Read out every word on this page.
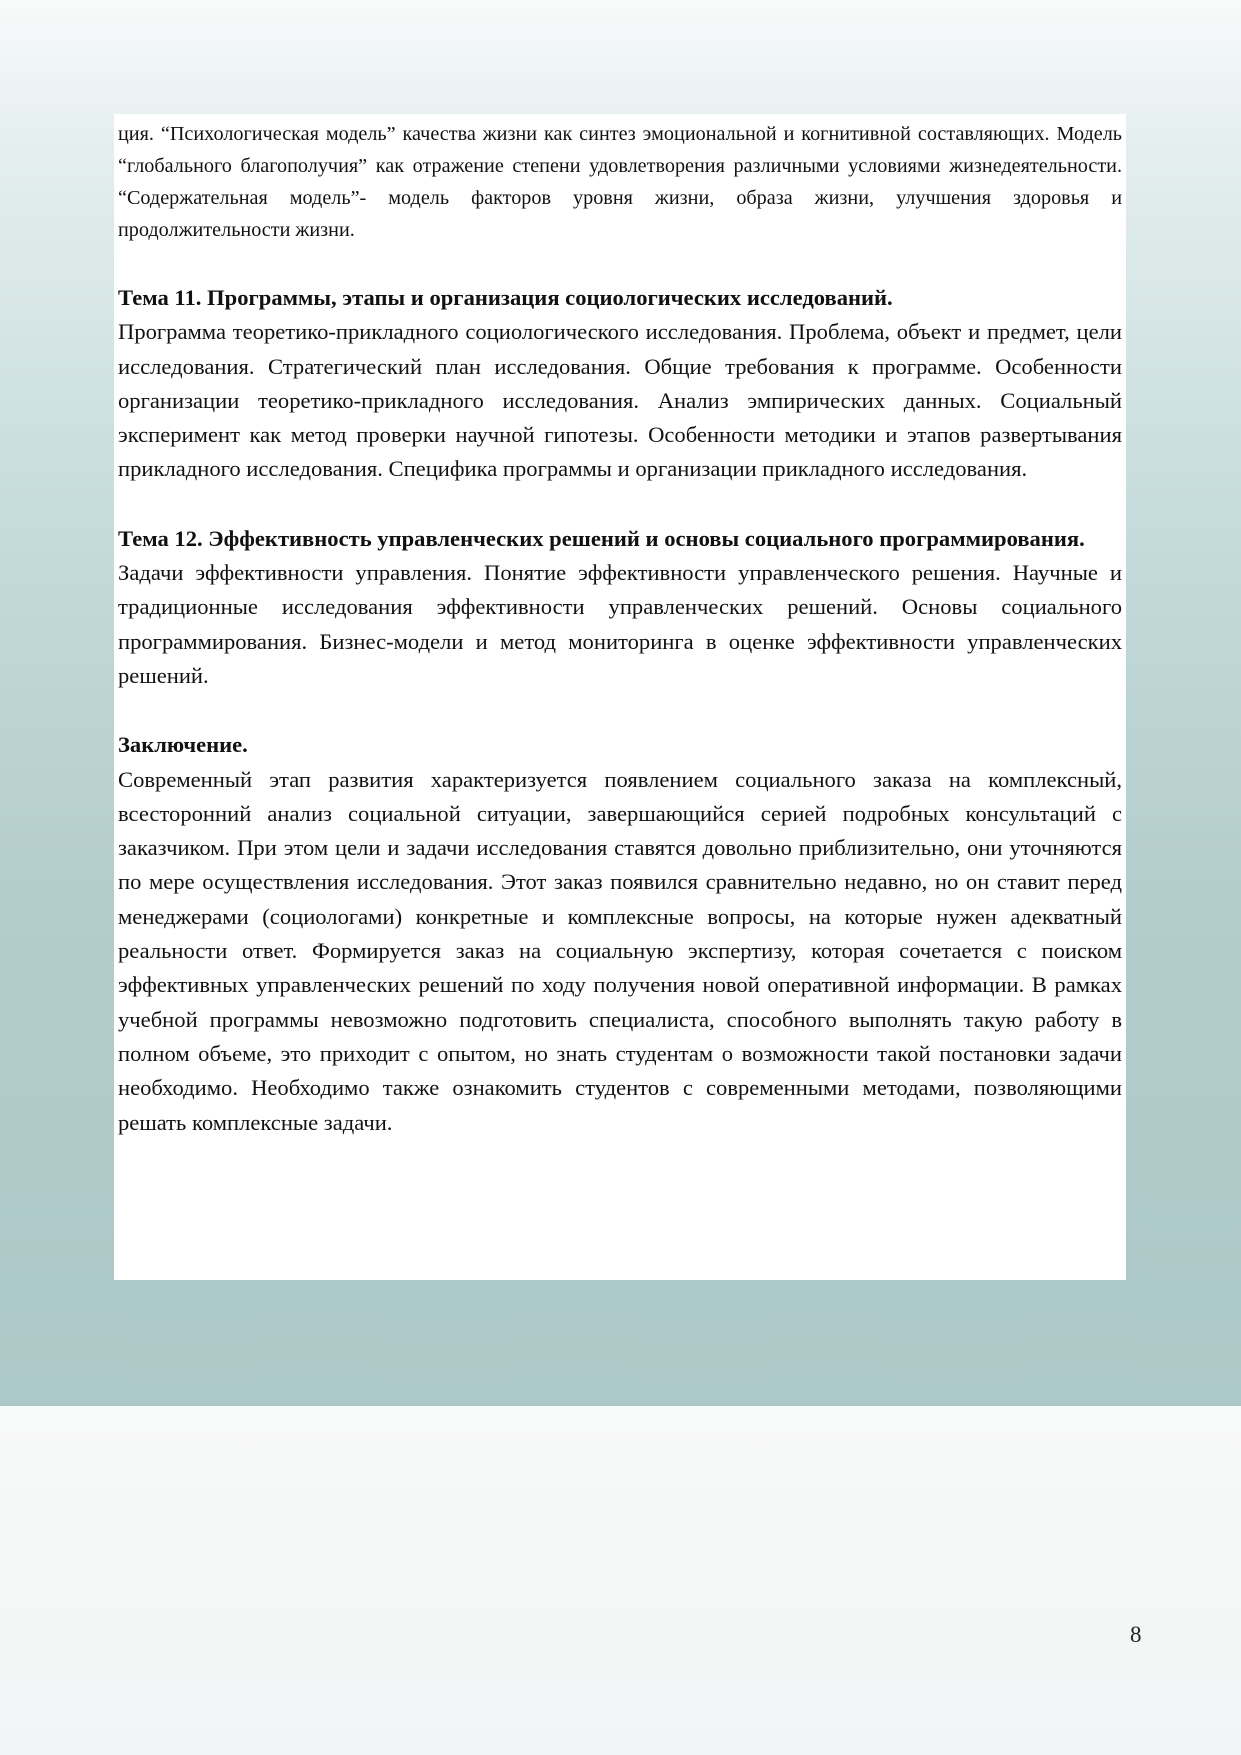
ция. “Психологическая модель” качества жизни как синтез эмоциональной и когнитивной составляющих. Модель “глобального благополучия” как отражение степени удовлетворения различными условиями жизнедеятельности. “Содержательная модель”- модель факторов уровня жизни, образа жизни, улучшения здоровья и продолжительности жизни.

Тема 11. Программы, этапы и организация социологических исследований.

Программа теоретико-прикладного социологического исследования. Проблема, объект и предмет, цели исследования. Стратегический план исследования. Общие требования к программе. Особенности организации теоретико-прикладного исследования. Анализ эмпирических данных. Социальный эксперимент как метод проверки научной гипотезы. Особенности методики и этапов развертывания прикладного исследования. Специфика программы и организации прикладного исследования.

Тема 12. Эффективность управленческих решений и основы социального программирования.

Задачи эффективности управления. Понятие эффективности управленческого решения. Научные и традиционные исследования эффективности управленческих решений. Основы социального программирования. Бизнес-модели и метод мониторинга в оценке эффективности управленческих решений.

Заключение.

Современный этап развития характеризуется появлением социального заказа на комплексный, всесторонний анализ социальной ситуации, завершающийся серией подробных консультаций с заказчиком. При этом цели и задачи исследования ставятся довольно приблизительно, они уточняются по мере осуществления исследования. Этот заказ появился сравнительно недавно, но он ставит перед менеджерами (социологами) конкретные и комплексные вопросы, на которые нужен адекватный реальности ответ. Формируется заказ на социальную экспертизу, которая сочетается с поиском эффективных управленческих решений по ходу получения новой оперативной информации. В рамках учебной программы невозможно подготовить специалиста, способного выполнять такую работу в полном объеме, это приходит с опытом, но знать студентам о возможности такой постановки задачи необходимо. Необходимо также ознакомить студентов с современными методами, позволяющими решать комплексные задачи.

8
